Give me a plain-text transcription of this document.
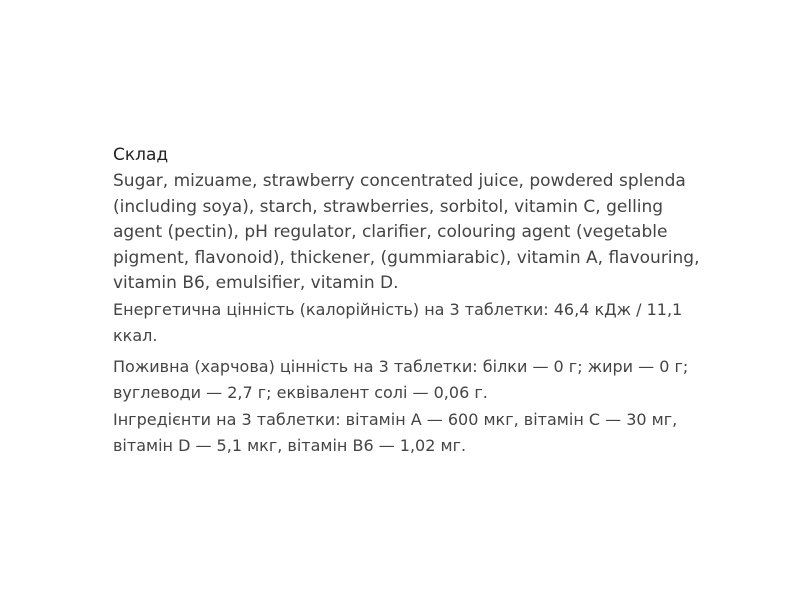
Склад

Sugar, mizuame, strawberry concentrated juice, powdered splenda (including soya), starch, strawberries, sorbitol, vitamin C, gelling agent (pectin), pH regulator, clarifier, colouring agent (vegetable pigment, flavonoid), thickener, (gummiarabic), vitamin A, flavouring, vitamin B6, emulsifier, vitamin D.

Енергетична цінність (калорійність) на 3 таблетки: 46,4 кДж / 11,1 ккал.

Поживна (харчова) цінність на 3 таблетки: білки — 0 г; жири — 0 г; вуглеводи — 2,7 г; еквівалент солі — 0,06 г.

Інгредієнти на 3 таблетки: вітамін А — 600 мкг, вітамін С — 30 мг, вітамін D — 5,1 мкг, вітамін В6 — 1,02 мг.
